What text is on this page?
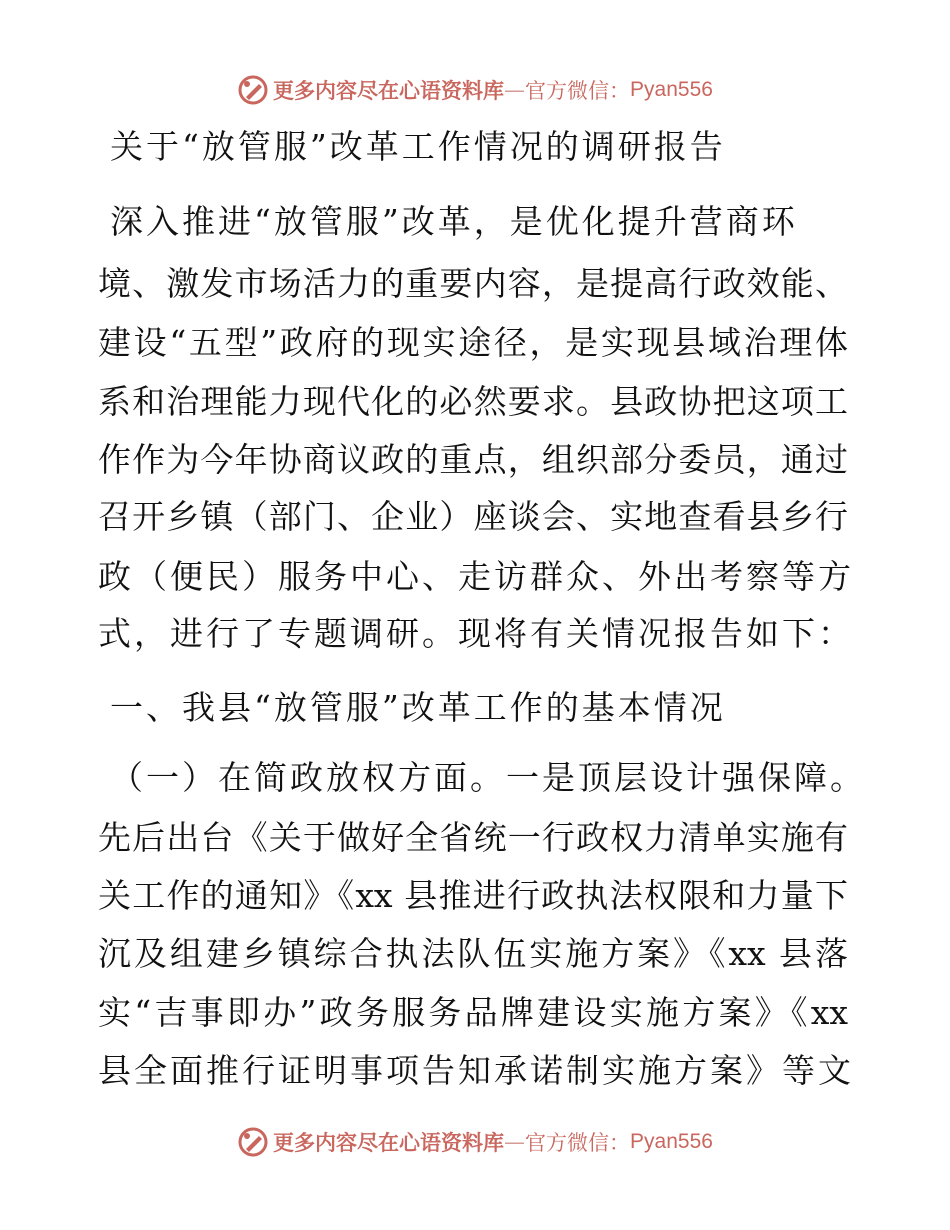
更多内容尽在心语资料库—官方微信：Pyan556
关于“放管服”改革工作情况的调研报告
深入推进“放管服”改革，是优化提升营商环
境、激发市场活力的重要内容，是提高行政效能、
建设“五型”政府的现实途径，是实现县域治理体
系和治理能力现代化的必然要求。县政协把这项工
作作为今年协商议政的重点，组织部分委员，通过
召开乡镇（部门、企业）座谈会、实地查看县乡行
政（便民）服务中心、走访群众、外出考察等方
式，进行了专题调研。现将有关情况报告如下：
一、我县“放管服”改革工作的基本情况
（一）在简政放权方面。一是顶层设计强保障。
先后出台《关于做好全省统一行政权力清单实施有
关工作的通知》《xx 县推进行政执法权限和力量下
沉及组建乡镇综合执法队伍实施方案》《xx 县落
实“吉事即办”政务服务品牌建设实施方案》《xx
县全面推行证明事项告知承诺制实施方案》等文
更多内容尽在心语资料库—官方微信：Pyan556
